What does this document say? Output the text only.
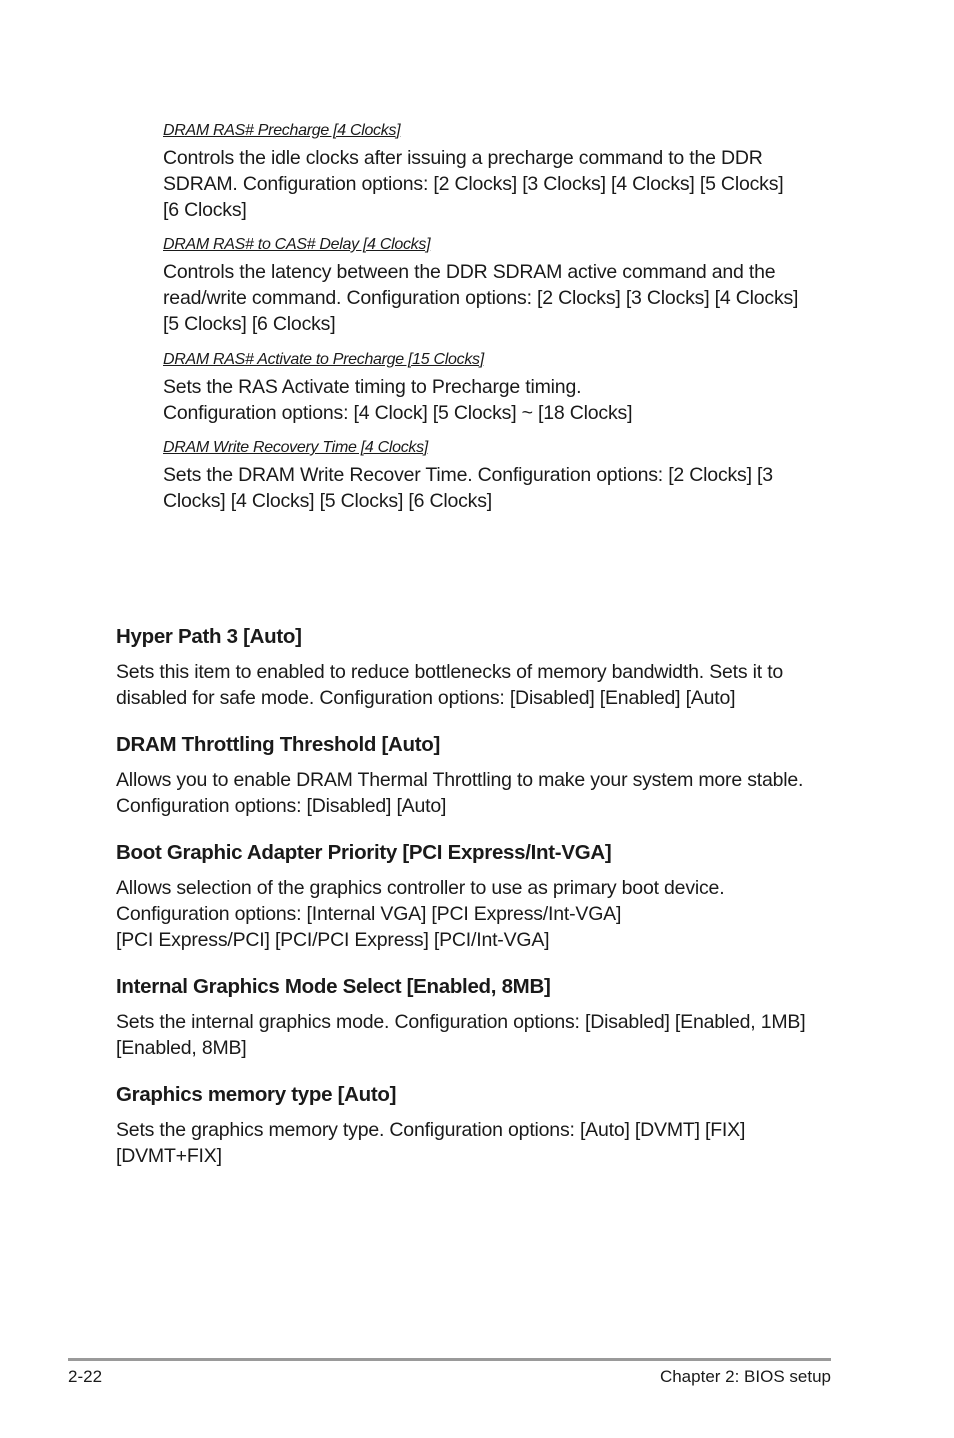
DRAM RAS# Precharge [4 Clocks]

Controls the idle clocks after issuing a precharge command to the DDR
SDRAM. Configuration options: [2 Clocks] [3 Clocks] [4 Clocks] [5 Clocks]
[6 Clocks]

DRAM RAS# to CAS# Delay [4 Clocks]

Controls the latency between the DDR SDRAM active command and the
read/write command. Configuration options: [2 Clocks] [3 Clocks] [4 Clocks]
[5 Clocks] [6 Clocks]

DRAM RAS# Activate to Precharge [15 Clocks]

Sets the RAS Activate timing to Precharge timing.
Configuration options: [4 Clock] [5 Clocks] ~ [18 Clocks]

DRAM Write Recovery Time [4 Clocks]

Sets the DRAM Write Recover Time. Configuration options: [2 Clocks] [3
Clocks] [4 Clocks] [5 Clocks] [6 Clocks]

Hyper Path 3 [Auto]

Sets this item to enabled to reduce bottlenecks of memory bandwidth. Sets it to
disabled for safe mode. Configuration options: [Disabled] [Enabled] [Auto]

DRAM Throttling Threshold [Auto]

Allows you to enable DRAM Thermal Throttling to make your system more stable.
Configuration options: [Disabled] [Auto]

Boot Graphic Adapter Priority [PCI Express/Int-VGA]

Allows selection of the graphics controller to use as primary boot device.
Configuration options: [Internal VGA] [PCI Express/Int-VGA]
[PCI Express/PCI] [PCI/PCI Express] [PCI/Int-VGA]

Internal Graphics Mode Select [Enabled, 8MB]

Sets the internal graphics mode. Configuration options: [Disabled] [Enabled, 1MB]
[Enabled, 8MB]

Graphics memory type [Auto]

Sets the graphics memory type. Configuration options: [Auto] [DVMT] [FIX]
[DVMT+FIX]

2-22	Chapter 2: BIOS setup
